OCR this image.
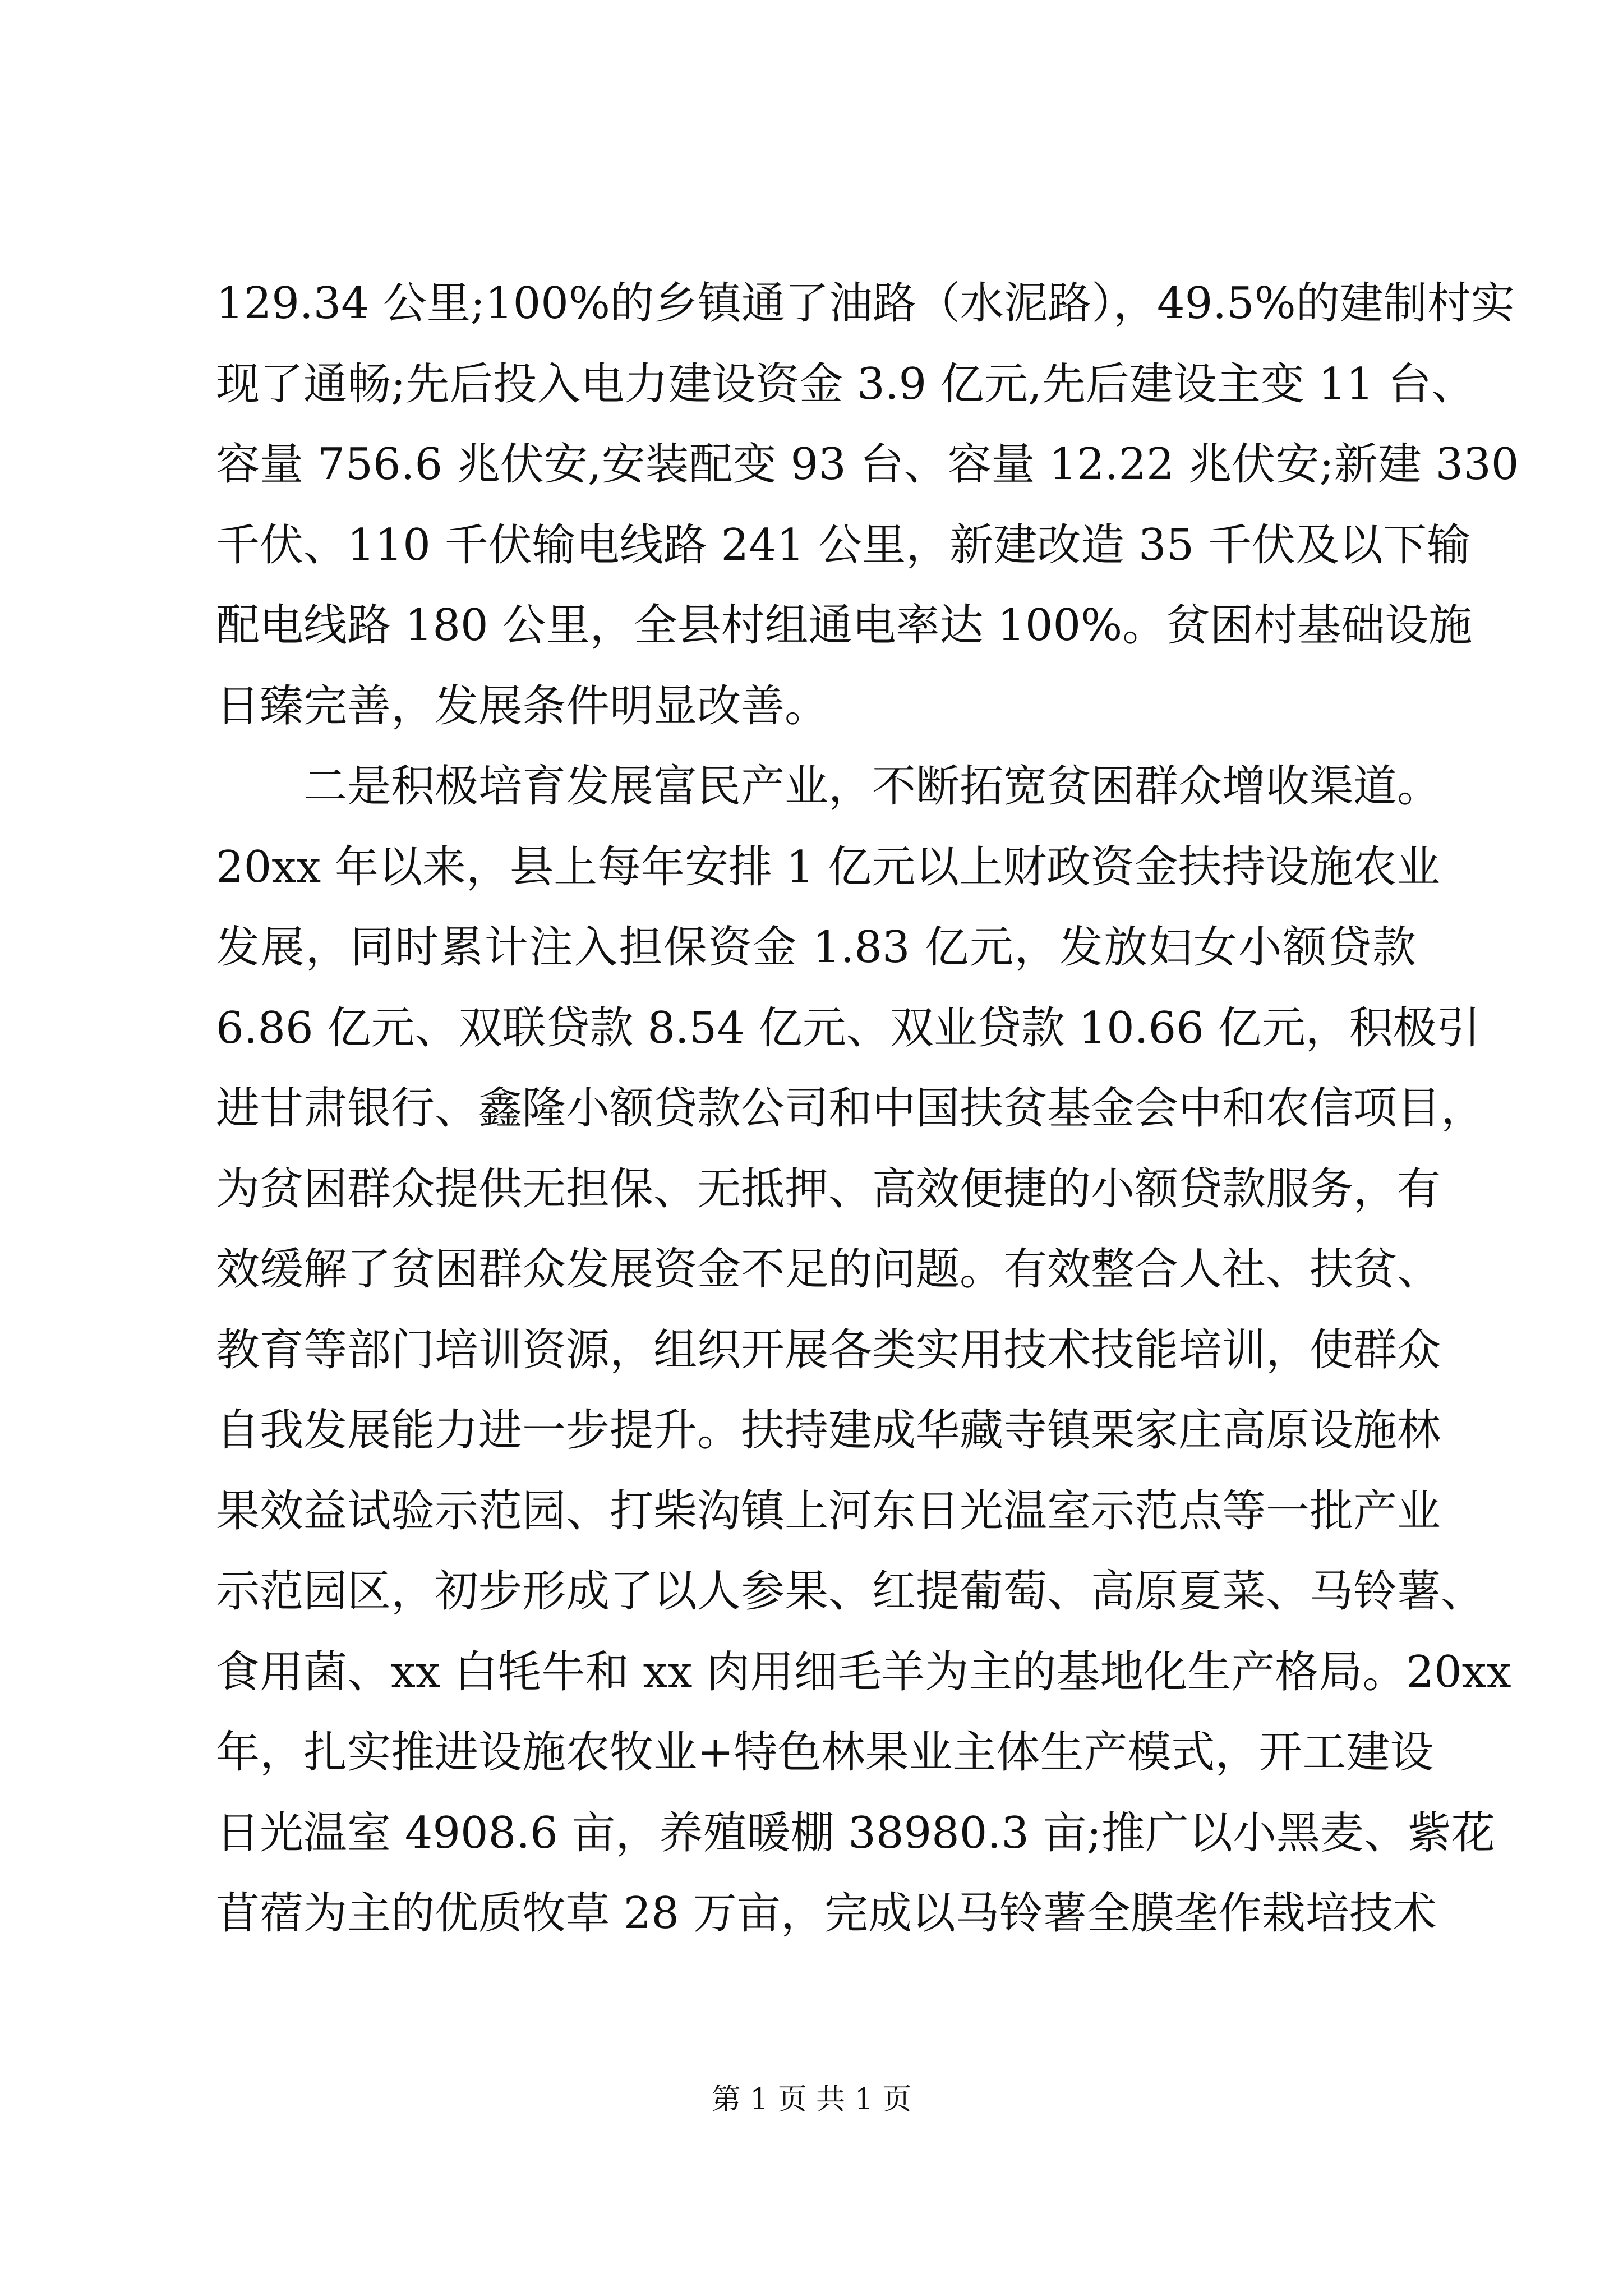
129.34 公里;100%的乡镇通了油路（水泥路），49.5%的建制村实
现了通畅;先后投入电力建设资金 3.9 亿元,先后建设主变 11 台、
容量 756.6 兆伏安,安装配变 93 台、容量 12.22 兆伏安;新建 330
千伏、110 千伏输电线路 241 公里，新建改造 35 千伏及以下输
配电线路 180 公里，全县村组通电率达 100%。贫困村基础设施
日臻完善，发展条件明显改善。
　　二是积极培育发展富民产业，不断拓宽贫困群众增收渠道。
20xx 年以来，县上每年安排 1 亿元以上财政资金扶持设施农业
发展，同时累计注入担保资金 1.83 亿元，发放妇女小额贷款
6.86 亿元、双联贷款 8.54 亿元、双业贷款 10.66 亿元，积极引
进甘肃银行、鑫隆小额贷款公司和中国扶贫基金会中和农信项目，
为贫困群众提供无担保、无抵押、高效便捷的小额贷款服务，有
效缓解了贫困群众发展资金不足的问题。有效整合人社、扶贫、
教育等部门培训资源，组织开展各类实用技术技能培训，使群众
自我发展能力进一步提升。扶持建成华藏寺镇栗家庄高原设施林
果效益试验示范园、打柴沟镇上河东日光温室示范点等一批产业
示范园区，初步形成了以人参果、红提葡萄、高原夏菜、马铃薯、
食用菌、xx 白牦牛和 xx 肉用细毛羊为主的基地化生产格局。20xx
年，扎实推进设施农牧业+特色林果业主体生产模式，开工建设
日光温室 4908.6 亩，养殖暖棚 38980.3 亩;推广以小黑麦、紫花
苜蓿为主的优质牧草 28 万亩，完成以马铃薯全膜垄作栽培技术
第 1 页 共 1 页
